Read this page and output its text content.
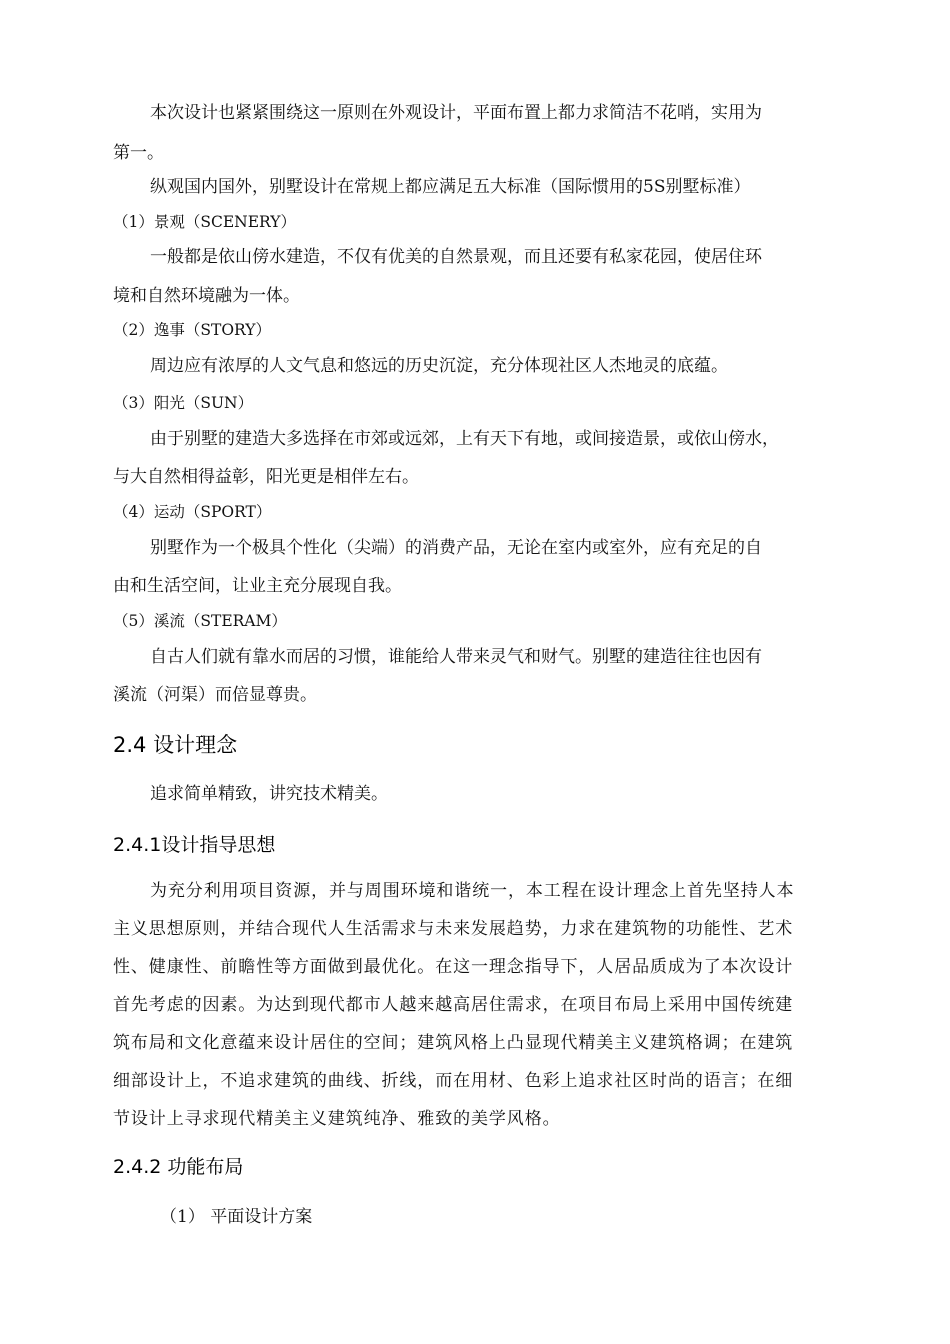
本次设计也紧紧围绕这一原则在外观设计，平面布置上都力求简洁不花哨，实用为
第一。
纵观国内国外，别墅设计在常规上都应满足五大标准（国际惯用的5S别墅标准）
（1）景观（SCENERY）
一般都是依山傍水建造，不仅有优美的自然景观，而且还要有私家花园，使居住环
境和自然环境融为一体。
（2）逸事（STORY）
周边应有浓厚的人文气息和悠远的历史沉淀，充分体现社区人杰地灵的底蕴。
（3）阳光（SUN）
由于别墅的建造大多选择在市郊或远郊，上有天下有地，或间接造景，或依山傍水，
与大自然相得益彰，阳光更是相伴左右。
（4）运动（SPORT）
别墅作为一个极具个性化（尖端）的消费产品，无论在室内或室外，应有充足的自
由和生活空间，让业主充分展现自我。
（5）溪流（STERAM）
自古人们就有靠水而居的习惯，谁能给人带来灵气和财气。别墅的建造往往也因有
溪流（河渠）而倍显尊贵。
2.4 设计理念
追求简单精致，讲究技术精美。
2.4.1设计指导思想
为充分利用项目资源，并与周围环境和谐统一，本工程在设计理念上首先坚持人本
主义思想原则，并结合现代人生活需求与未来发展趋势，力求在建筑物的功能性、艺术
性、健康性、前瞻性等方面做到最优化。在这一理念指导下，人居品质成为了本次设计
首先考虑的因素。为达到现代都市人越来越高居住需求，在项目布局上采用中国传统建
筑布局和文化意蕴来设计居住的空间；建筑风格上凸显现代精美主义建筑格调；在建筑
细部设计上，不追求建筑的曲线、折线，而在用材、色彩上追求社区时尚的语言；在细
节设计上寻求现代精美主义建筑纯净、雅致的美学风格。
2.4.2 功能布局
（1） 平面设计方案
